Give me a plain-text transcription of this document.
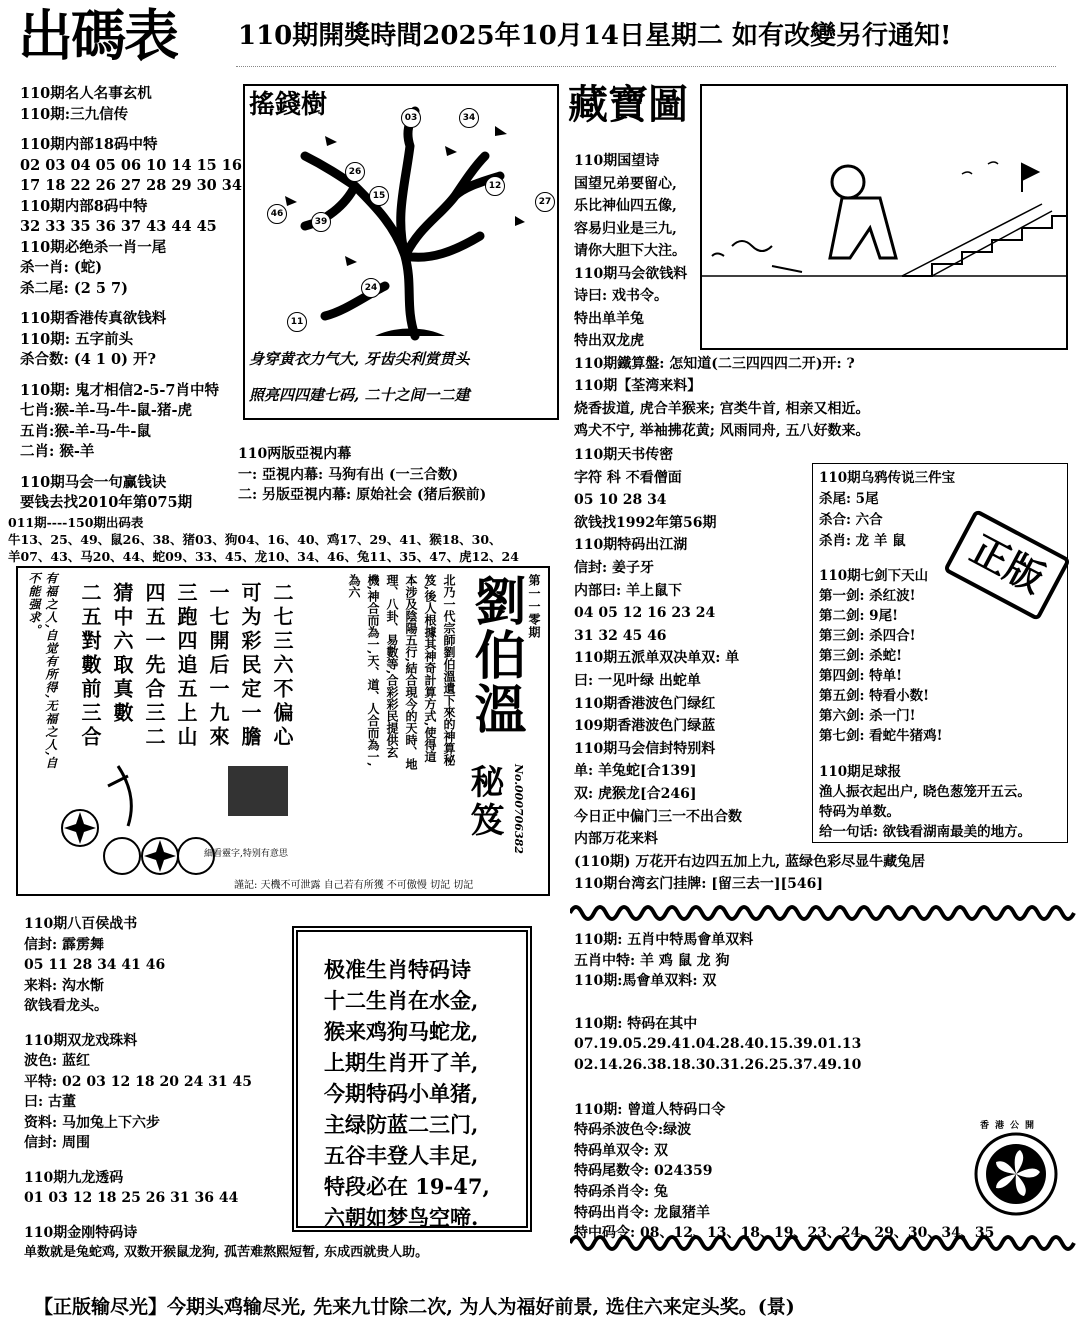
出碼表 110期開獎時間2025年10月14日星期二 如有改變另行通知!
110期名人名事玄机
110期:三九信传
110期内部18码中特
02 03 04 05 06 10 14 15 16
17 18 22 26 27 28 29 30 34
110期内部8码中特
32 33 35 36 37 43 44 45
110期必绝杀一肖一尾
杀一肖: (蛇)
杀二尾: (2 5 7)
110期香港传真欲钱料
110期: 五字前头
杀合数: (4 1 0) 开?
110期: 鬼才相信2-5-7肖中特
七肖:猴-羊-马-牛-鼠-猪-虎
五肖:猴-羊-马-牛-鼠
二肖: 猴-羊
110期马会一句赢钱诀
要钱去找2010年第075期
搖錢樹	03	34
26
15
12
27
46
39
24
11
身穿黄衣力气大, 牙齿尖利赏贯头
照亮四四建七码, 二十之间一二建
藏寶圖
110期国望诗
国望兄弟要留心,
乐比神仙四五像,
容易归业是三九,
请你大胆下大注。
110期马会欲钱料
诗曰: 戏书令。
特出单羊兔
特出双龙虎
110期鐵算盤: 怎知道(二三四四四二开)开: ?
110期【荃湾来料】
烧香拔道, 虎合羊猴来; 宫类牛首, 相亲又相近。
鸡犬不宁, 举袖拂花黄; 风雨同舟, 五八好数来。
110两版亞視内幕
一: 亞視内幕: 马狗有出 (一三合数)
二: 另版亞視内幕: 原始社会 (猪后猴前)
011期----150期出码表
牛13、25、49、鼠26、38、猪03、狗04、16、40、鸡17、29、41、猴18、30、
羊07、43、马20、44、蛇09、33、45、龙10、34、46、兔11、35、47、虎12、24
有福之人,自觉有所得,无福之人,自不能强求。	二七三六不偏心
可为彩民定一膽
一七開后一九來
三跑四追五上山
四五一先合三二
猜中六取真數
二五對數前三合	北乃一代宗師劉伯溫遺下來的神算秘笈,後人根據其神奇計算方式,使得這本涉及陰陽五行,結合現今的天時、地理、八卦、易數等,合彩彩民提供玄機,神合而為一,天、道、人合而為一,為六	劉伯溫 第一一零期
秘笈 No.000706382
細看靈字,特别有意思
謹記: 天機不可泄露 自己若有所獲 不可傲慢 切記 切記
110期天书传密
字符 科 不看僧面
05 10 28 34
欲钱找1992年第56期
110期特码出江湖
信封: 姜子牙
内部曰: 羊上鼠下
04 05 12 16 23 24
31 32 45 46
110期五派单双决单双: 单
曰: 一见叶绿 出蛇单
110期香港波色门绿红
109期香港波色门绿蓝
110期马会信封特别料
单: 羊兔蛇[合139]
双: 虎猴龙[合246]
今日正中偏门三一不出合数
内部万花来料
(110期) 万花开右边四五加上九, 蓝绿色彩尽显牛藏兔居
110期台湾玄门挂牌: [留三去一][546]
110期乌鸦传说三件宝
杀尾: 5尾
杀合: 六合
杀肖: 龙 羊 鼠
110期七剑下天山
第一剑: 杀红波!
第二剑: 9尾!
第三剑: 杀四合!
第三剑: 杀蛇!
第四剑: 特单!
第五剑: 特看小数!
第六剑: 杀一门!
第七剑: 看蛇牛猪鸡!
110期足球报
渔人振衣起出户, 晓色葱笼开五云。
特码为单数。
给一句话: 欲钱看湖南最美的地方。
正版
110期八百侯战书
信封: 霹雳舞
05 11 28 34 41 46
来料: 沟水惭
欲钱看龙头。
110期双龙戏珠料
波色: 蓝红
平特: 02 03 12 18 20 24 31 45
曰: 古董
资料: 马加兔上下六步
信封: 周围
110期九龙透码
01 03 12 18 25 26 31 36 44
110期金刚特码诗
单数就是兔蛇鸡, 双数开猴鼠龙狗, 孤苦难熬熙短暂, 东成西就贵人助。
极准生肖特码诗
十二生肖在水金,
猴来鸡狗马蛇龙,
上期生肖开了羊,
今期特码小单猪,
主绿防蓝二三门,
五谷丰登人丰足,
特段必在 19-47,
六朝如梦鸟空啼.
110期: 五肖中特馬會单双料
五肖中特: 羊 鸡 鼠 龙 狗
110期:馬會单双料: 双
110期: 特码在其中
07.19.05.29.41.04.28.40.15.39.01.13
02.14.26.38.18.30.31.26.25.37.49.10
110期: 曾道人特码口令
特码杀波色令:绿波
特码单双令: 双
特码尾数令: 024359
特码杀肖令: 兔
特码出肖令: 龙鼠猪羊
特中码令: 08、12、13、18、19、23、24、29、30、34、35
香港公開
【正版输尽光】今期头鸡输尽光, 先来九廿除二次, 为人为福好前景, 选住六来定头奖。(景)
